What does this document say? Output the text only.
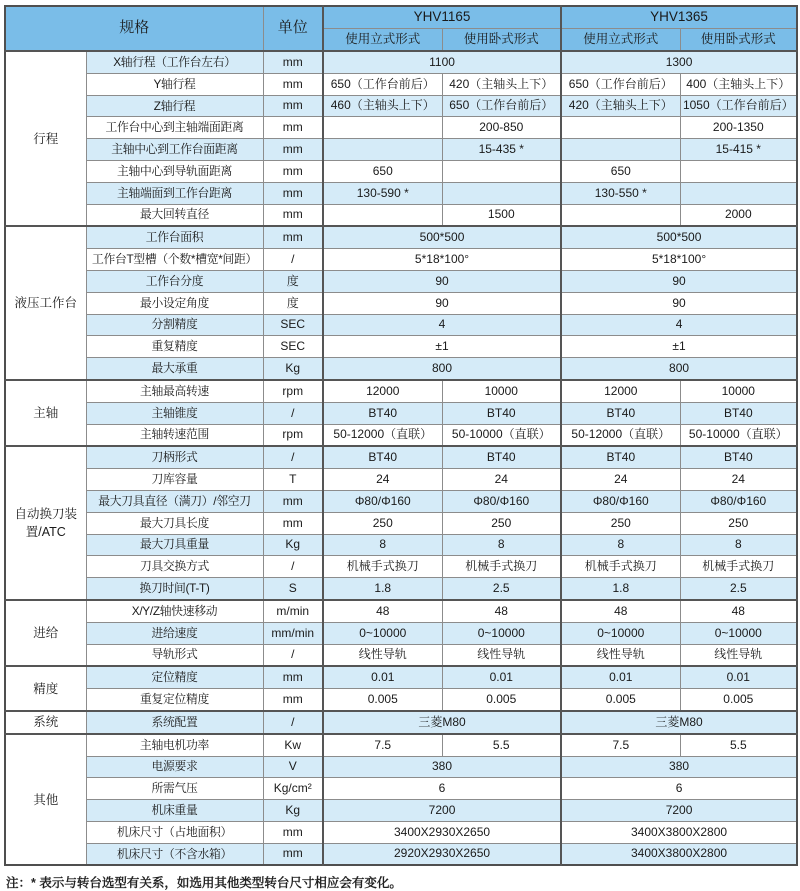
规格		单位	YHV1165		YHV1365	
			使用立式形式	使用卧式形式	使用立式形式	使用卧式形式
行程	X轴行程（工作台左右）	mm	1100		1300	
	Y轴行程	mm	650（工作台前后）	420（主轴头上下）	650（工作台前后）	400（主轴头上下）
	Z轴行程	mm	460（主轴头上下）	650（工作台前后）	420（主轴头上下）	1050（工作台前后）
	工作台中心到主轴端面距离	mm		200-850		200-1350
	主轴中心到工作台面距离	mm		15-435 *		15-415 *
	主轴中心到导轨面距离	mm	650		650	
	主轴端面到工作台距离	mm	130-590 *		130-550 *	
	最大回转直径	mm		1500		2000
液压工作台	工作台面积	mm	500*500		500*500	
	工作台T型槽（个数*槽宽*间距）	/	5*18*100°		5*18*100°	
	工作台分度	度	90		90	
	最小设定角度	度	90		90	
	分割精度	SEC	4		4	
	重复精度	SEC	±1		±1	
	最大承重	Kg	800		800	
主轴	主轴最高转速	rpm	12000	10000	12000	10000
	主轴锥度	/	BT40	BT40	BT40	BT40
	主轴转速范围	rpm	50-12000（直联）	50-10000（直联）	50-12000（直联）	50-10000（直联）
自动换刀装置/ATC	刀柄形式	/	BT40	BT40	BT40	BT40
	刀库容量	T	24	24	24	24
	最大刀具直径（满刀）/邻空刀	mm	Φ80/Φ160	Φ80/Φ160	Φ80/Φ160	Φ80/Φ160
	最大刀具长度	mm	250	250	250	250
	最大刀具重量	Kg	8	8	8	8
	刀具交换方式	/	机械手式换刀	机械手式换刀	机械手式换刀	机械手式换刀
	换刀时间(T-T)	S	1.8	2.5	1.8	2.5
进给	X/Y/Z轴快速移动	m/min	48	48	48	48
	进给速度	mm/min	0~10000	0~10000	0~10000	0~10000
	导轨形式	/	线性导轨	线性导轨	线性导轨	线性导轨
精度	定位精度	mm	0.01	0.01	0.01	0.01
	重复定位精度	mm	0.005	0.005	0.005	0.005
系统	系统配置	/	三菱M80		三菱M80	
其他	主轴电机功率	Kw	7.5	5.5	7.5	5.5
	电源要求	V	380		380	
	所需气压	Kg/cm²	6		6	
	机床重量	Kg	7200		7200	
	机床尺寸（占地面积）	mm	3400X2930X2650		3400X3800X2800	
	机床尺寸（不含水箱）	mm	2920X2930X2650		3400X3800X2800	
注：* 表示与转台选型有关系，如选用其他类型转台尺寸相应会有变化。
